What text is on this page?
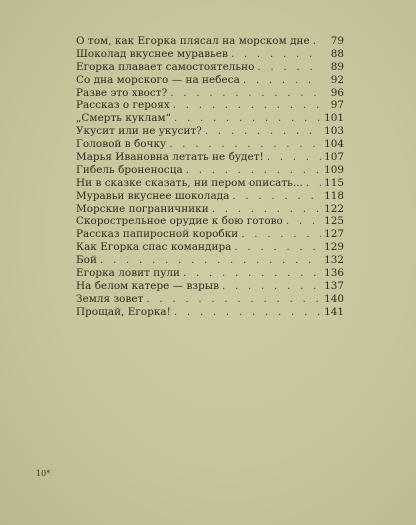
О том, как Егорка плясал на морском дне . . .	79
Шоколад вкуснее муравьев . . .	88
Егорка плавает самостоятельно . . .	89
Со дна морского — на небеса . . .	92
Разве это хвост? . . .	96
Рассказ о героях . . .	97
„Смерть куклам“ . . .	101
Укусит или не укусит? . . .	103
Головой в бочку . . .	104
Марья Ивановна летать не будет! . . .	107
Гибель броненосца . . .	109
Ни в сказке сказать, ни пером описать... . . . 115
Муравьи вкуснее шоколада . . .	118
Морские пограничники . . .	122
Скорострельное орудие к бою готово . . .	125
Рассказ папиросной коробки . . .	127
Как Егорка спас командира . . .	129
Бой . . .	132
Егорка ловит пули . . .	136
На белом катере — взрыв . . .	137
Земля зовет . . .	140
Прощай, Егорка! . . .	141
10*
